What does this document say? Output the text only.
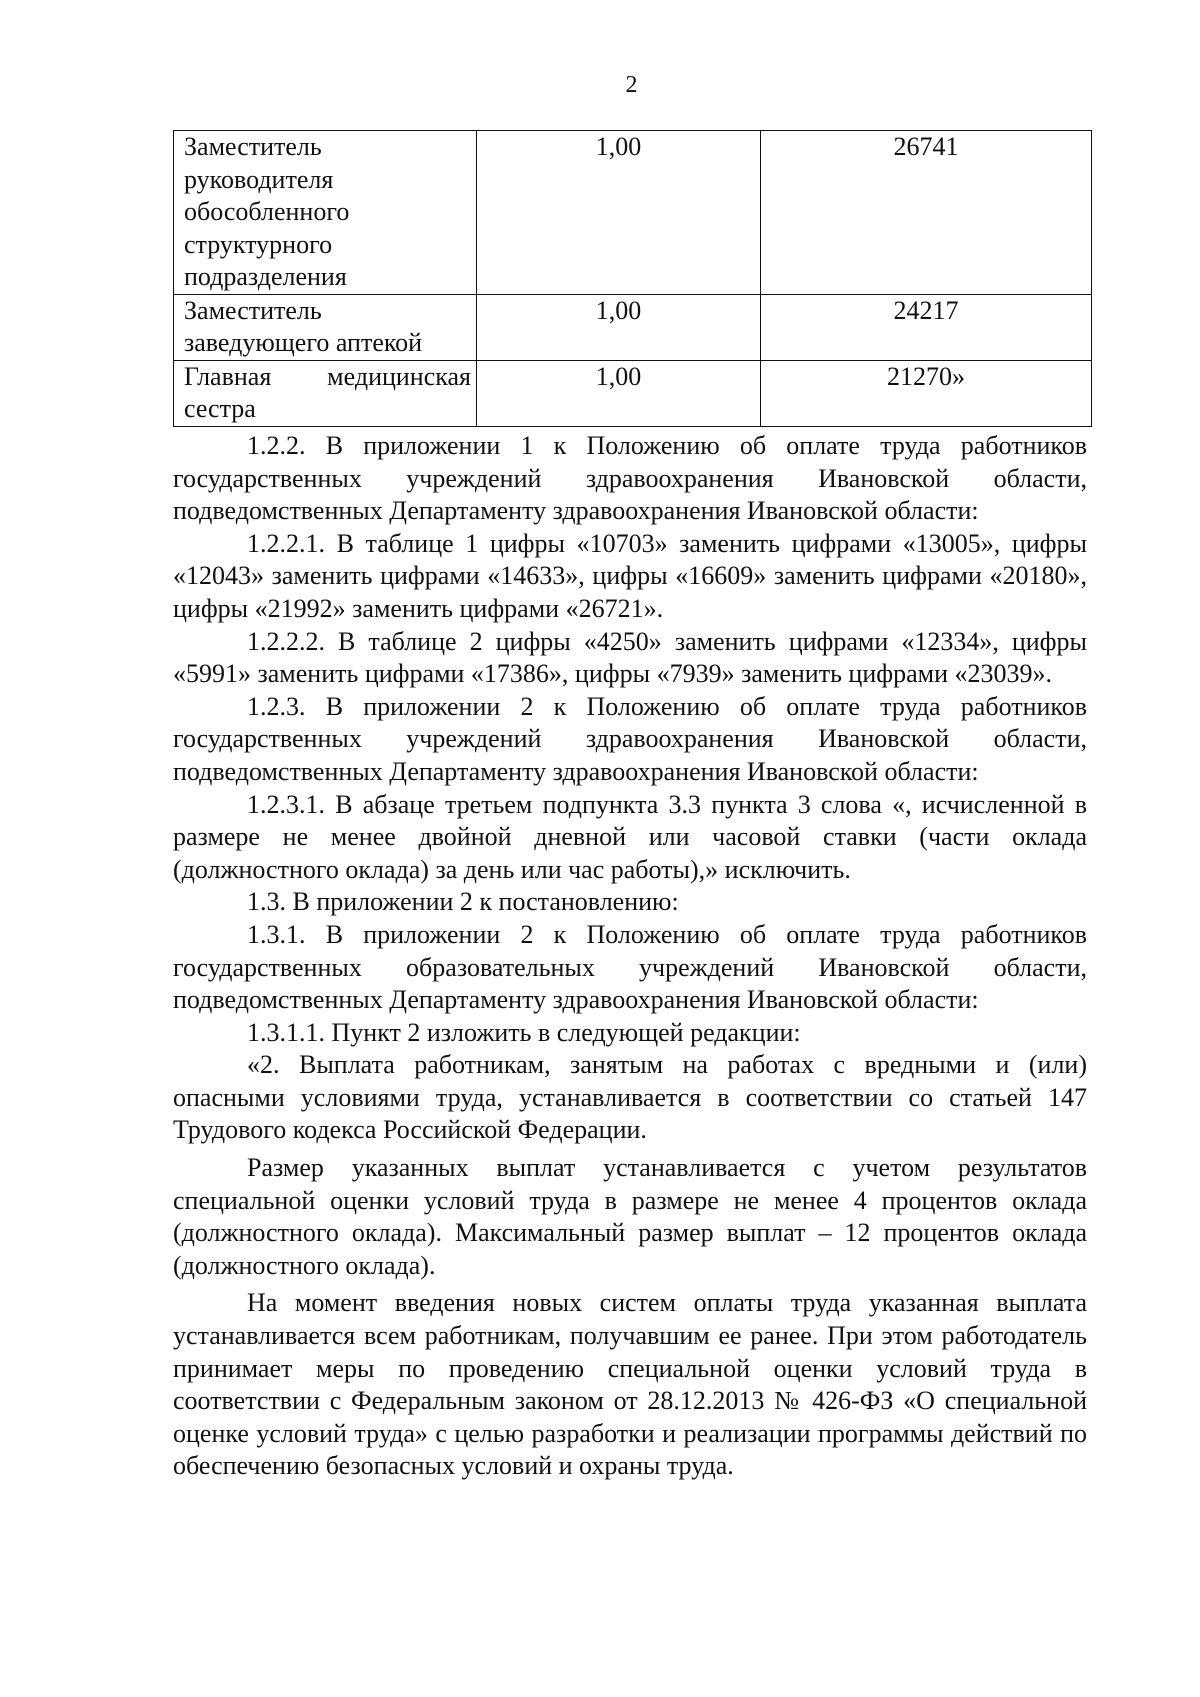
2
Заместитель
руководителя
обособленного
структурного
подразделения	1,00	26741

Заместитель
заведующего аптекой	1,00	24217

Главная медицинская
сестра	1,00	21270»

1.2.2. В приложении 1 к Положению об оплате труда работников государственных учреждений здравоохранения Ивановской области, подведомственных Департаменту здравоохранения Ивановской области:

1.2.2.1. В таблице 1 цифры «10703» заменить цифрами «13005», цифры «12043» заменить цифрами «14633», цифры «16609» заменить цифрами «20180», цифры «21992» заменить цифрами «26721».

1.2.2.2. В таблице 2 цифры «4250» заменить цифрами «12334», цифры «5991» заменить цифрами «17386», цифры «7939» заменить цифрами «23039».

1.2.3. В приложении 2 к Положению об оплате труда работников государственных учреждений здравоохранения Ивановской области, подведомственных Департаменту здравоохранения Ивановской области:

1.2.3.1. В абзаце третьем подпункта 3.3 пункта 3 слова «, исчисленной в размере не менее двойной дневной или часовой ставки (части оклада (должностного оклада) за день или час работы),» исключить.

1.3. В приложении 2 к постановлению:

1.3.1. В приложении 2 к Положению об оплате труда работников государственных образовательных учреждений Ивановской области, подведомственных Департаменту здравоохранения Ивановской области:

1.3.1.1. Пункт 2 изложить в следующей редакции:

«2. Выплата работникам, занятым на работах с вредными и (или) опасными условиями труда, устанавливается в соответствии со статьей 147 Трудового кодекса Российской Федерации.

Размер указанных выплат устанавливается с учетом результатов специальной оценки условий труда в размере не менее 4 процентов оклада (должностного оклада). Максимальный размер выплат – 12 процентов оклада (должностного оклада).

На момент введения новых систем оплаты труда указанная выплата устанавливается всем работникам, получавшим ее ранее. При этом работодатель принимает меры по проведению специальной оценки условий труда в соответствии с Федеральным законом от 28.12.2013 № 426-ФЗ «О специальной оценке условий труда» с целью разработки и реализации программы действий по обеспечению безопасных условий и охраны труда.
